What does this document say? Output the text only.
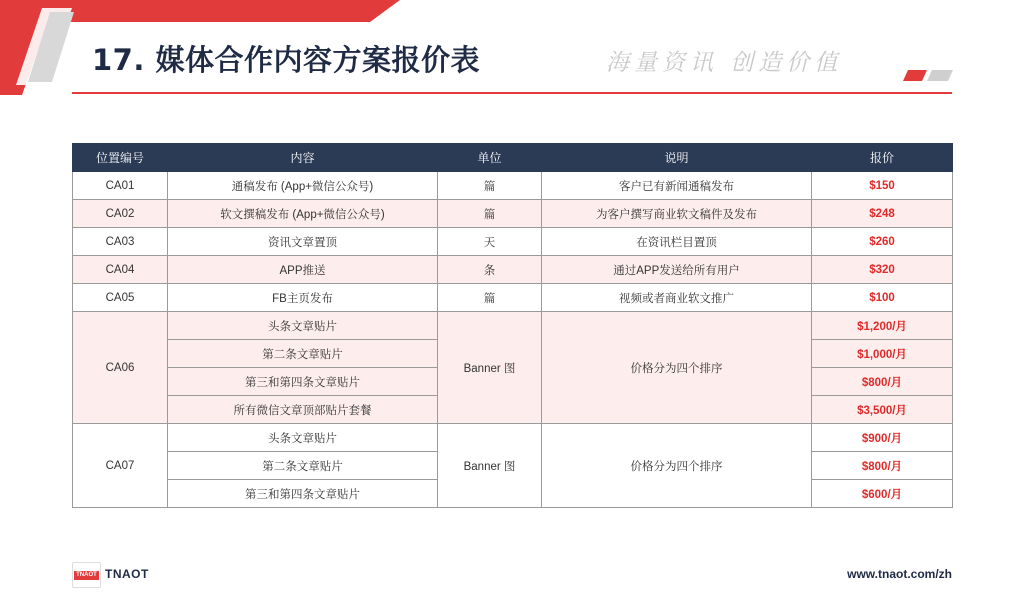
17. 媒体合作内容方案报价表	海量资讯 创造价值
位置编号	内容	单位	说明	报价
CA01	通稿发布 (App+微信公众号)	篇	客户已有新闻通稿发布	$150
CA02	软文撰稿发布 (App+微信公众号)	篇	为客户撰写商业软文稿件及发布	$248
CA03	资讯文章置顶	天	在资讯栏目置顶	$260
CA04	APP推送	条	通过APP发送给所有用户	$320
CA05	FB主页发布	篇	视频或者商业软文推广	$100
CA06	头条文章贴片	Banner 图	价格分为四个排序	$1,200/月
	第二条文章贴片			$1,000/月
	第三和第四条文章贴片			$800/月
	所有微信文章顶部贴片套餐			$3,500/月
CA07	头条文章贴片	Banner 图	价格分为四个排序	$900/月
	第二条文章贴片			$800/月
	第三和第四条文章贴片			$600/月
TNAOT TNAOT	www.tnaot.com/zh
